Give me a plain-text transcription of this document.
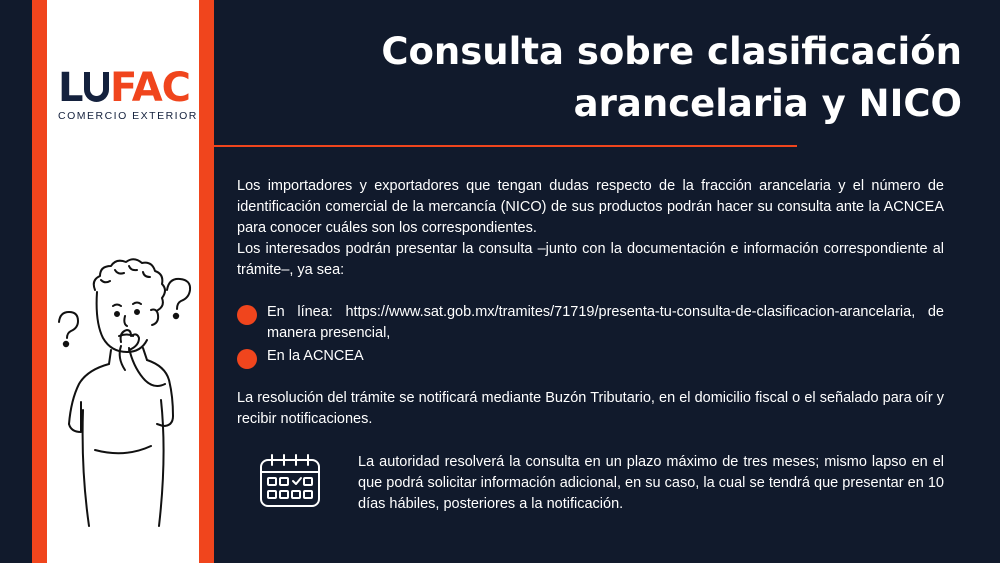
L FAC
COMERCIO EXTERIOR
Consulta sobre clasificación
arancelaria y NICO
Los importadores y exportadores que tengan dudas respecto de la fracción arancelaria y el número de identificación comercial de la mercancía (NICO) de sus productos podrán hacer su consulta ante la ACNCEA para conocer cuáles son los correspondientes.
Los interesados podrán presentar la consulta –junto con la documentación e información correspondiente al trámite–, ya sea:
En línea: https://www.sat.gob.mx/tramites/71719/presenta-tu-consulta-de-clasificacion-arancelaria, de manera presencial,
En la ACNCEA
La resolución del trámite se notificará mediante Buzón Tributario, en el domicilio fiscal o el señalado para oír y recibir notificaciones.
La autoridad resolverá la consulta en un plazo máximo de tres meses; mismo lapso en el que podrá solicitar información adicional, en su caso, la cual se tendrá que presentar en 10 días hábiles, posteriores a la notificación.
